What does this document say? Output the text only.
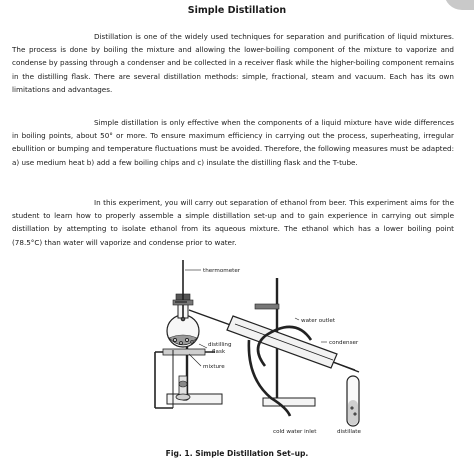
Simple Distillation

Distillation is one of the widely used techniques for separation and purification of liquid mixtures. The process is done by boiling the mixture and allowing the lower-boiling component of the mixture to vaporize and condense by passing through a condenser and be collected in a receiver flask while the higher-boiling component remains in the distilling flask. There are several distillation methods: simple, fractional, steam and vacuum. Each has its own limitations and advantages.

Simple distillation is only effective when the components of a liquid mixture have wide differences in boiling points, about 50° or more. To ensure maximum efficiency in carrying out the process, superheating, irregular ebullition or bumping and temperature fluctuations must be avoided. Therefore, the following measures must be adapted: a) use medium heat b) add a few boiling chips and c) insulate the distilling flask and the T-tube.

In this experiment, you will carry out separation of ethanol from beer. This experiment aims for the student to learn how to properly assemble a simple distillation set-up and to gain experience in carrying out simple distillation by attempting to isolate ethanol from its aqueous mixture. The ethanol which has a lower boiling point (78.5°C) than water will vaporize and condense prior to water.

thermometer
water outlet
condenser
distilling
flask
mixture
cold water inlet	distillate
Fig. 1. Simple Distillation Set–up.
